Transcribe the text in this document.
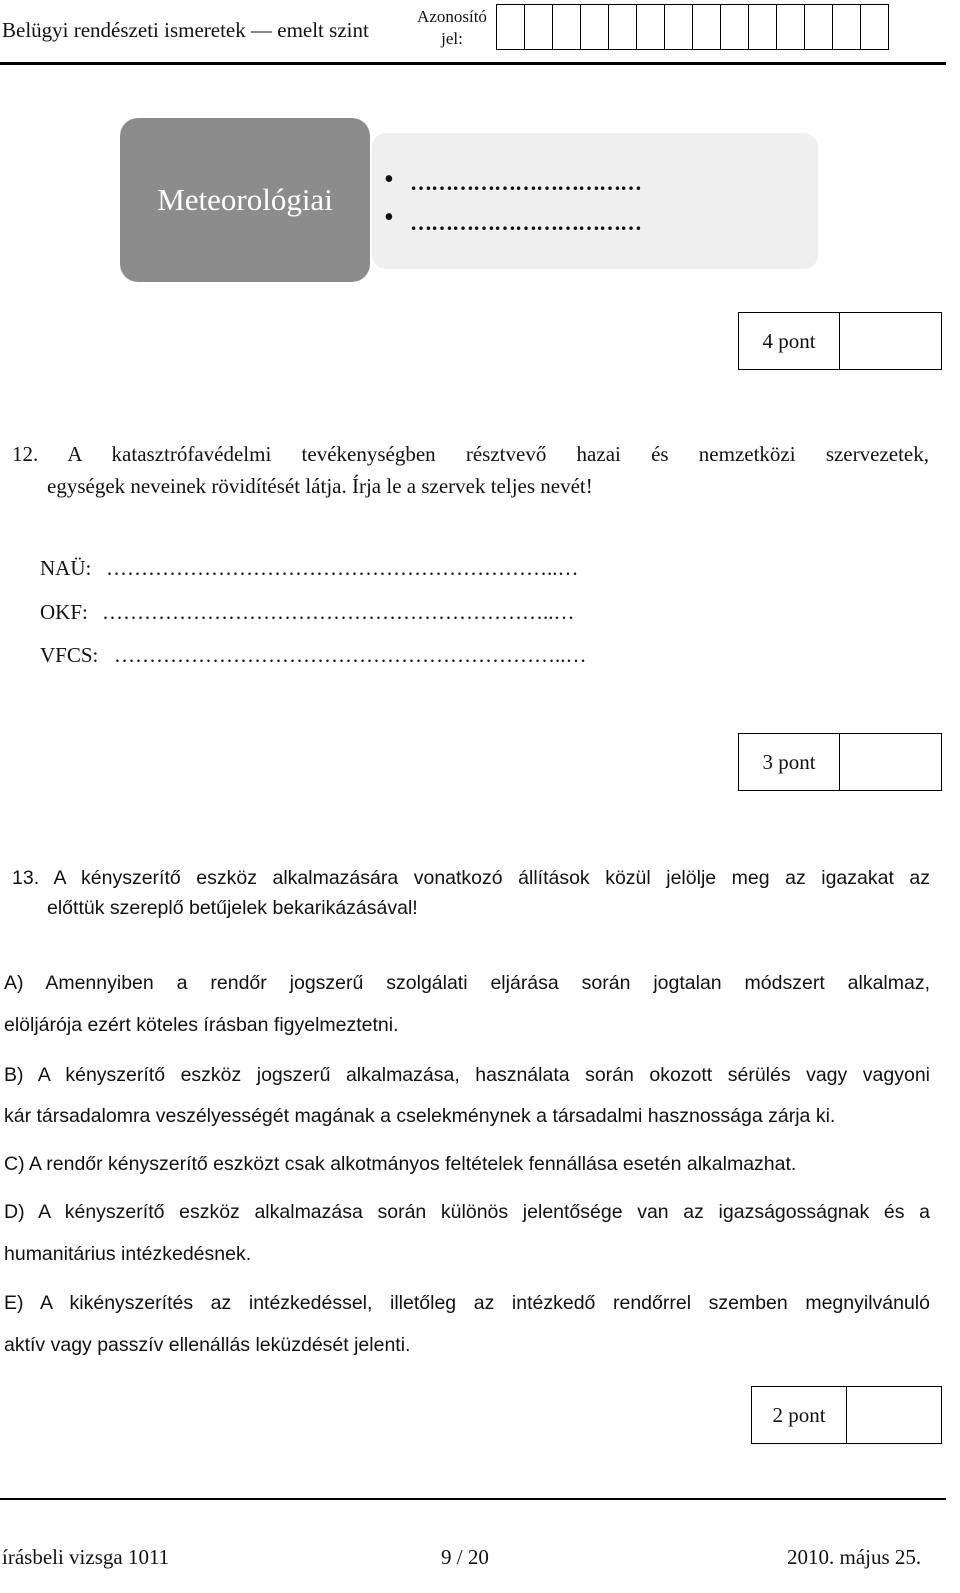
Belügyi rendészeti ismeretek — emelt szint
Azonosító
jel:
Meteorológiai
• ……………………………
• ……………………………
4 pont
12. A katasztrófavédelmi tevékenységben résztvevő hazai és nemzetközi szervezetek,
egységek neveinek rövidítését látja. Írja le a szervek teljes nevét!
NAÜ: ………………………………………………………..…
OKF: ………………………………………………………..…
VFCS: ………………………………………………………..…
3 pont
13. A kényszerítő eszköz alkalmazására vonatkozó állítások közül jelölje meg az igazakat az
előttük szereplő betűjelek bekarikázásával!
A) Amennyiben a rendőr jogszerű szolgálati eljárása során jogtalan módszert alkalmaz,
elöljárója ezért köteles írásban figyelmeztetni.
B) A kényszerítő eszköz jogszerű alkalmazása, használata során okozott sérülés vagy vagyoni
kár társadalomra veszélyességét magának a cselekménynek a társadalmi hasznossága zárja ki.
C) A rendőr kényszerítő eszközt csak alkotmányos feltételek fennállása esetén alkalmazhat.
D) A kényszerítő eszköz alkalmazása során különös jelentősége van az igazságosságnak és a
humanitárius intézkedésnek.
E) A kikényszerítés az intézkedéssel, illetőleg az intézkedő rendőrrel szemben megnyilvánuló
aktív vagy passzív ellenállás leküzdését jelenti.
2 pont
írásbeli vizsga 1011	9 / 20	2010. május 25.
